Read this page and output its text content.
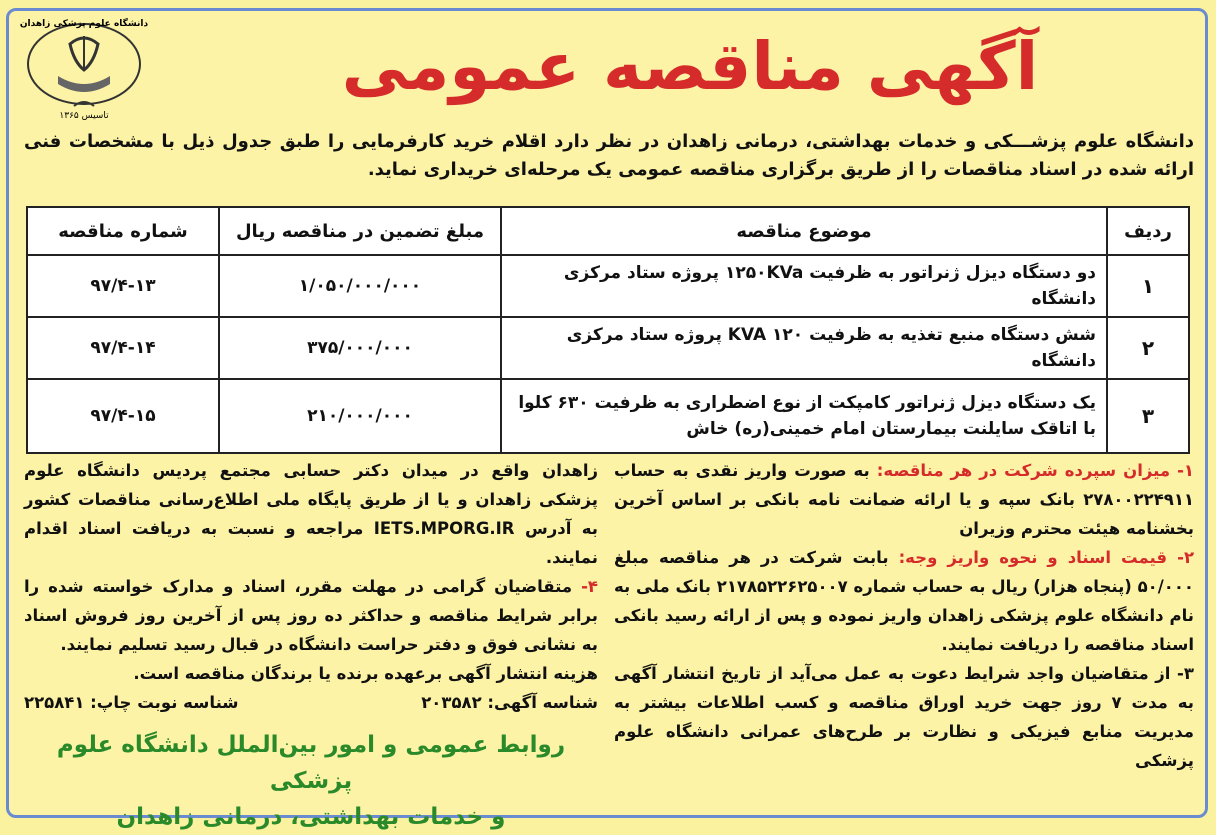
دانشگاه علوم پزشکی زاهدان
تاسیس ۱۳۶۵
آگهی مناقصه عمومی
دانشگاه علوم پزشـــکی و خدمات بهداشتی، درمانی زاهدان در نظر دارد اقلام خرید کارفرمایی را طبق جدول ذیل با مشخصات فنی ارائه شده در اسناد مناقصات را از طریق برگزاری مناقصه عمومی یک مرحله‌ای خریداری نماید.
ردیف	موضوع مناقصه	مبلغ تضمین در مناقصه ریال	شماره مناقصه
۱	دو دستگاه دیزل ژنراتور به ظرفیت ۱۲۵۰KVa پروژه ستاد مرکزی دانشگاه	۱/۰۵۰/۰۰۰/۰۰۰	۹۷/۴-۱۳
۲	شش دستگاه منبع تغذیه به ظرفیت ۱۲۰ KVA پروژه ستاد مرکزی دانشگاه	۳۷۵/۰۰۰/۰۰۰	۹۷/۴-۱۴
۳	یک دستگاه دیزل ژنراتور کامپکت از نوع اضطراری به ظرفیت ۶۳۰ کلوا با اتاقک سایلنت بیمارستان امام خمینی(ره) خاش	۲۱۰/۰۰۰/۰۰۰	۹۷/۴-۱۵

۱- میزان سپرده شرکت در هر مناقصه: به صورت واریز نقدی به حساب ۲۷۸۰۰۲۲۴۹۱۱ بانک سپه و یا ارائه ضمانت نامه بانکی بر اساس آخرین بخشنامه هیئت محترم وزیران

۲- قیمت اسناد و نحوه واریز وجه: بابت شرکت در هر مناقصه مبلغ ۵۰/۰۰۰ (پنجاه هزار) ریال به حساب شماره ۲۱۷۸۵۲۲۶۲۵۰۰۷ بانک ملی به نام دانشگاه علوم پزشکی زاهدان واریز نموده و پس از ارائه رسید بانکی اسناد مناقصه را دریافت نمایند.

۳- از متقاضیان واجد شرایط دعوت به عمل می‌آید از تاریخ انتشار آگهی به مدت ۷ روز جهت خرید اوراق مناقصه و کسب اطلاعات بیشتر به مدیریت منابع فیزیکی و نظارت بر طرح‌های عمرانی دانشگاه علوم پزشکی

زاهدان واقع در میدان دکتر حسابی مجتمع پردیس دانشگاه علوم پزشکی زاهدان و یا از طریق پایگاه ملی اطلاع‌رسانی مناقصات کشور به آدرس IETS.MPORG.IR مراجعه و نسبت به دریافت اسناد اقدام نمایند.

۴- متقاضیان گرامی در مهلت مقرر، اسناد و مدارک خواسته شده را برابر شرایط مناقصه و حداکثر ده روز پس از آخرین روز فروش اسناد به نشانی فوق و دفتر حراست دانشگاه در قبال رسید تسلیم نمایند.

هزینه انتشار آگهی برعهده برنده یا برندگان مناقصه است.

شناسه آگهی: ۲۰۳۵۸۲
شناسه نوبت چاپ: ۲۲۵۸۴۱
روابط عمومی و امور بین‌الملل دانشگاه علوم پزشکی
و خدمات بهداشتی، درمانی زاهدان
